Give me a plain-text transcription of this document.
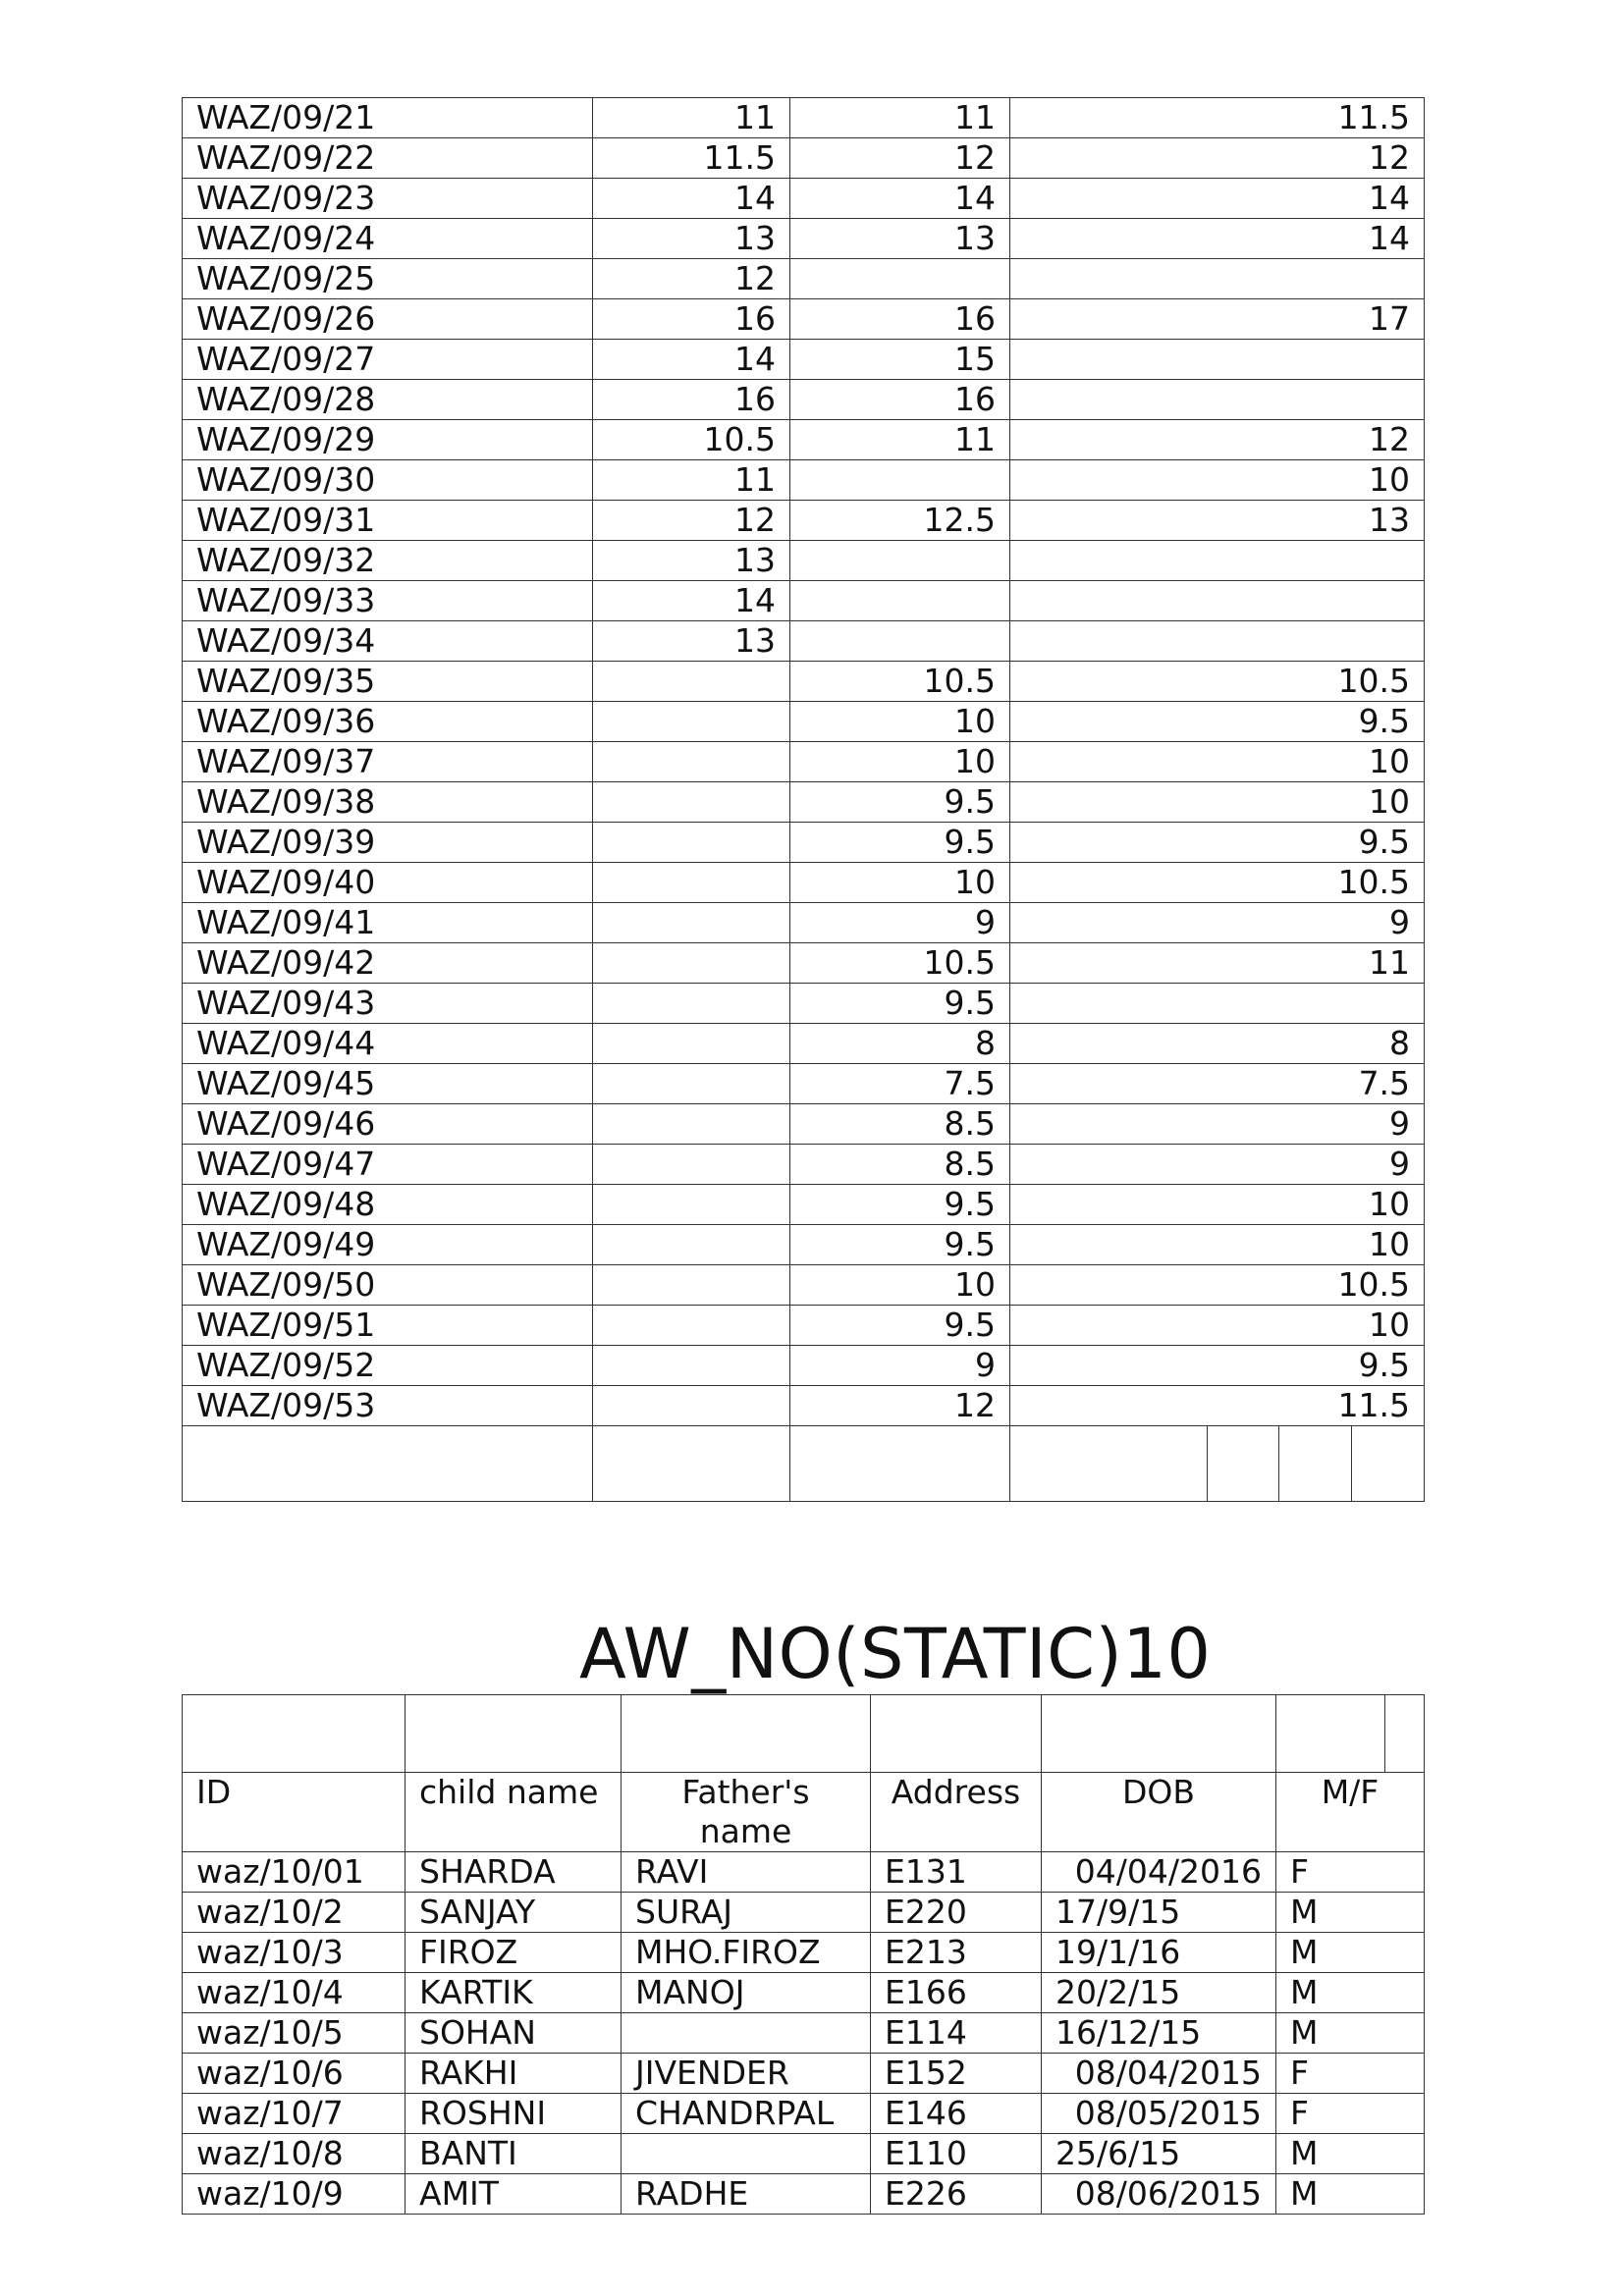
WAZ/09/21	11	11	11.5			
WAZ/09/22	11.5	12	12			
WAZ/09/23	14	14	14			
WAZ/09/24	13	13	14			
WAZ/09/25	12					
WAZ/09/26	16	16	17			
WAZ/09/27	14	15				
WAZ/09/28	16	16				
WAZ/09/29	10.5	11	12			
WAZ/09/30	11		10			
WAZ/09/31	12	12.5	13			
WAZ/09/32	13					
WAZ/09/33	14					
WAZ/09/34	13					
WAZ/09/35		10.5	10.5			
WAZ/09/36		10	9.5			
WAZ/09/37		10	10			
WAZ/09/38		9.5	10			
WAZ/09/39		9.5	9.5			
WAZ/09/40		10	10.5			
WAZ/09/41		9	9			
WAZ/09/42		10.5	11			
WAZ/09/43		9.5				
WAZ/09/44		8	8			
WAZ/09/45		7.5	7.5			
WAZ/09/46		8.5	9			
WAZ/09/47		8.5	9			
WAZ/09/48		9.5	10			
WAZ/09/49		9.5	10			
WAZ/09/50		10	10.5			
WAZ/09/51		9.5	10			
WAZ/09/52		9	9.5			
WAZ/09/53		12	11.5			

AW_NO(STATIC)10

ID	child name	Father's name	Address	DOB	M/F	
waz/10/01	SHARDA	RAVI	E131	04/04/2016	F	
waz/10/2	SANJAY	SURAJ	E220	17/9/15	M	
waz/10/3	FIROZ	MHO.FIROZ	E213	19/1/16	M	
waz/10/4	KARTIK	MANOJ	E166	20/2/15	M	
waz/10/5	SOHAN		E114	16/12/15	M	
waz/10/6	RAKHI	JIVENDER	E152	08/04/2015	F	
waz/10/7	ROSHNI	CHANDRPAL	E146	08/05/2015	F	
waz/10/8	BANTI		E110	25/6/15	M	
waz/10/9	AMIT	RADHE	E226	08/06/2015	M	
